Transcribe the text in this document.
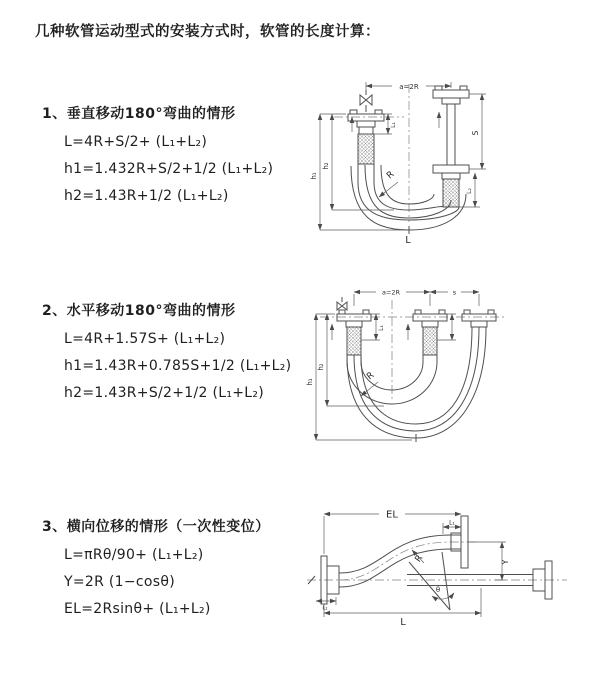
几种软管运动型式的安装方式时，软管的长度计算：
1、垂直移动180°弯曲的情形
L=4R+S/2+ (L₁+L₂)
h1=1.432R+S/2+1/2 (L₁+L₂)
h2=1.43R+1/2 (L₁+L₂)
a=2R
R
h₁
h₂
L₁
S
L₂
L
2、水平移动180°弯曲的情形
L=4R+1.57S+ (L₁+L₂)
h1=1.43R+0.785S+1/2 (L₁+L₂)
h2=1.43R+S/2+1/2 (L₁+L₂)
a=2R	s
L₁
R
h₁
h₂
3、横向位移的情形（一次性变位）
L=πRθ/90+ (L₁+L₂)
Y=2R (1−cosθ)
EL=2Rsinθ+ (L₁+L₂)
EL
L₁
θ
R	Y
L₁
L
